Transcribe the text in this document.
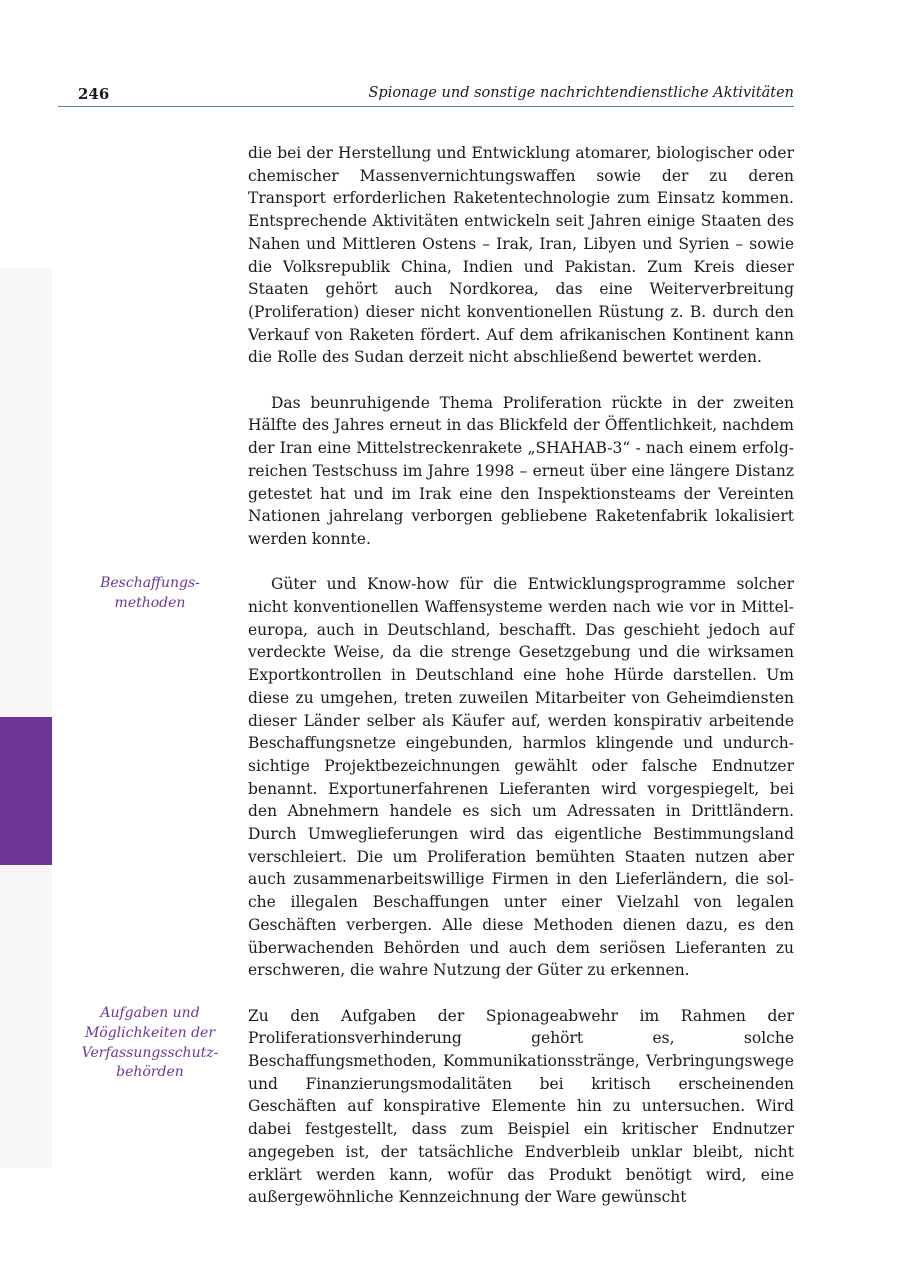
246	Spionage und sonstige nachrichtendienstliche Aktivitäten
Beschaffungs-
methoden
Aufgaben und
Möglichkeiten der
Verfassungsschutz-
behörden

die bei der Herstellung und Entwicklung atomarer, biologischer oder chemischer Massenvernichtungswaffen sowie der zu deren Transport erforderlichen Raketentechnologie zum Einsatz kommen. Entsprechende Aktivitäten entwickeln seit Jahren einige Staaten des Nahen und Mittleren Ostens – Irak, Iran, Libyen und Syrien – sowie die Volksrepublik China, Indien und Pakistan. Zum Kreis dieser Staaten gehört auch Nordkorea, das eine Weiterverbreitung (Proliferation) dieser nicht konventionellen Rüstung z. B. durch den Verkauf von Raketen fördert. Auf dem afrikanischen Kontinent kann die Rolle des Sudan derzeit nicht abschließend bewertet werden.

Das beunruhigende Thema Proliferation rückte in der zweiten Hälfte des Jahres erneut in das Blickfeld der Öffentlichkeit, nachdem der Iran eine Mittelstreckenrakete „SHAHAB-3“ - nach einem erfolgreichen Testschuss im Jahre 1998 – erneut über eine längere Distanz getestet hat und im Irak eine den Inspektionsteams der Vereinten Nationen jahrelang verborgen gebliebene Raketenfabrik lokalisiert werden konnte.

Güter und Know-how für die Entwicklungsprogramme solcher nicht konventionellen Waffensysteme werden nach wie vor in Mitteleuropa, auch in Deutschland, beschafft. Das geschieht jedoch auf verdeckte Weise, da die strenge Gesetzgebung und die wirksamen Exportkontrollen in Deutschland eine hohe Hürde darstellen. Um diese zu umgehen, treten zuweilen Mitarbeiter von Geheimdiensten dieser Länder selber als Käufer auf, werden konspirativ arbeitende Beschaffungsnetze eingebunden, harmlos klingende und undurchsichtige Projektbezeichnungen gewählt oder falsche Endnutzer benannt. Exportunerfahrenen Lieferanten wird vorgespiegelt, bei den Abnehmern handele es sich um Adressaten in Drittländern. Durch Umweglieferungen wird das eigentliche Bestimmungsland verschleiert. Die um Proliferation bemühten Staaten nutzen aber auch zusammenarbeitswillige Firmen in den Lieferländern, die solche illegalen Beschaffungen unter einer Vielzahl von legalen Geschäften verbergen. Alle diese Methoden dienen dazu, es den überwachenden Behörden und auch dem seriösen Lieferanten zu erschweren, die wahre Nutzung der Güter zu erkennen.

Zu den Aufgaben der Spionageabwehr im Rahmen der Proliferationsverhinderung gehört es, solche Beschaffungsmethoden, Kommunikationsstränge, Verbringungswege und Finanzierungsmodalitäten bei kritisch erscheinenden Geschäften auf konspirative Elemente hin zu untersuchen. Wird dabei festgestellt, dass zum Beispiel ein kritischer Endnutzer angegeben ist, der tatsächliche Endverbleib unklar bleibt, nicht erklärt werden kann, wofür das Produkt benötigt wird, eine außergewöhnliche Kennzeichnung der Ware gewünscht
